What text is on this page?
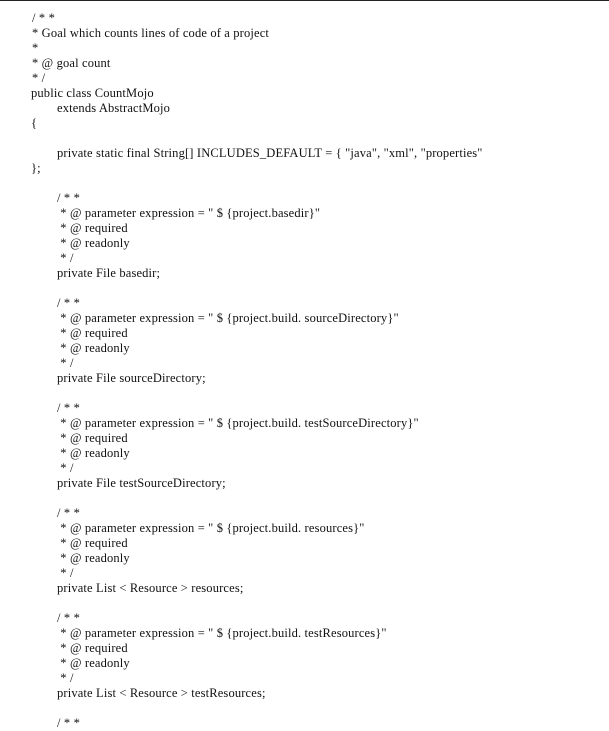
/ * *
* Goal which counts lines of code of a project
*
* @ goal count
* /
public class CountMojo
extends AbstractMojo
{
private static final String[] INCLUDES_DEFAULT = { "java", "xml", "properties"
};
/ * *
* @ parameter expression = " $ {project.basedir}"
* @ required
* @ readonly
* /
private File basedir;
/ * *
* @ parameter expression = " $ {project.build. sourceDirectory}"
* @ required
* @ readonly
* /
private File sourceDirectory;
/ * *
* @ parameter expression = " $ {project.build. testSourceDirectory}"
* @ required
* @ readonly
* /
private File testSourceDirectory;
/ * *
* @ parameter expression = " $ {project.build. resources}"
* @ required
* @ readonly
* /
private List < Resource > resources;
/ * *
* @ parameter expression = " $ {project.build. testResources}"
* @ required
* @ readonly
* /
private List < Resource > testResources;
/ * *
